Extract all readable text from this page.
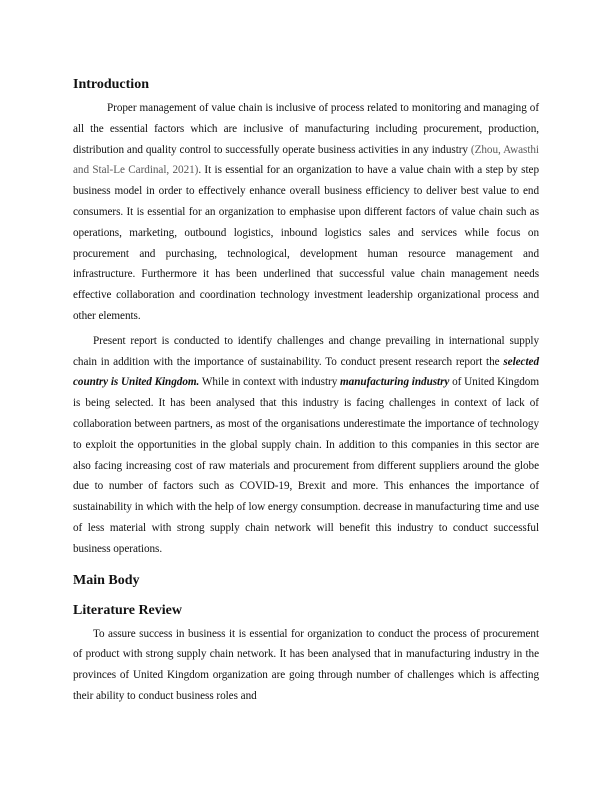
Introduction

Proper management of value chain is inclusive of process related to monitoring and managing of all the essential factors which are inclusive of manufacturing including procurement, production, distribution and quality control to successfully operate business activities in any industry (Zhou, Awasthi and Stal-Le Cardinal, 2021). It is essential for an organization to have a value chain with a step by step business model in order to effectively enhance overall business efficiency to deliver best value to end consumers. It is essential for an organization to emphasise upon different factors of value chain such as operations, marketing, outbound logistics, inbound logistics sales and services while focus on procurement and purchasing, technological, development human resource management and infrastructure. Furthermore it has been underlined that successful value chain management needs effective collaboration and coordination technology investment leadership organizational process and other elements.

Present report is conducted to identify challenges and change prevailing in international supply chain in addition with the importance of sustainability. To conduct present research report the selected country is United Kingdom. While in context with industry manufacturing industry of United Kingdom is being selected. It has been analysed that this industry is facing challenges in context of lack of collaboration between partners, as most of the organisations underestimate the importance of technology to exploit the opportunities in the global supply chain. In addition to this companies in this sector are also facing increasing cost of raw materials and procurement from different suppliers around the globe due to number of factors such as COVID-19, Brexit and more. This enhances the importance of sustainability in which with the help of low energy consumption. decrease in manufacturing time and use of less material with strong supply chain network will benefit this industry to conduct successful business operations.

Main Body
Literature Review

To assure success in business it is essential for organization to conduct the process of procurement of product with strong supply chain network. It has been analysed that in manufacturing industry in the provinces of United Kingdom organization are going through number of challenges which is affecting their ability to conduct business roles and
